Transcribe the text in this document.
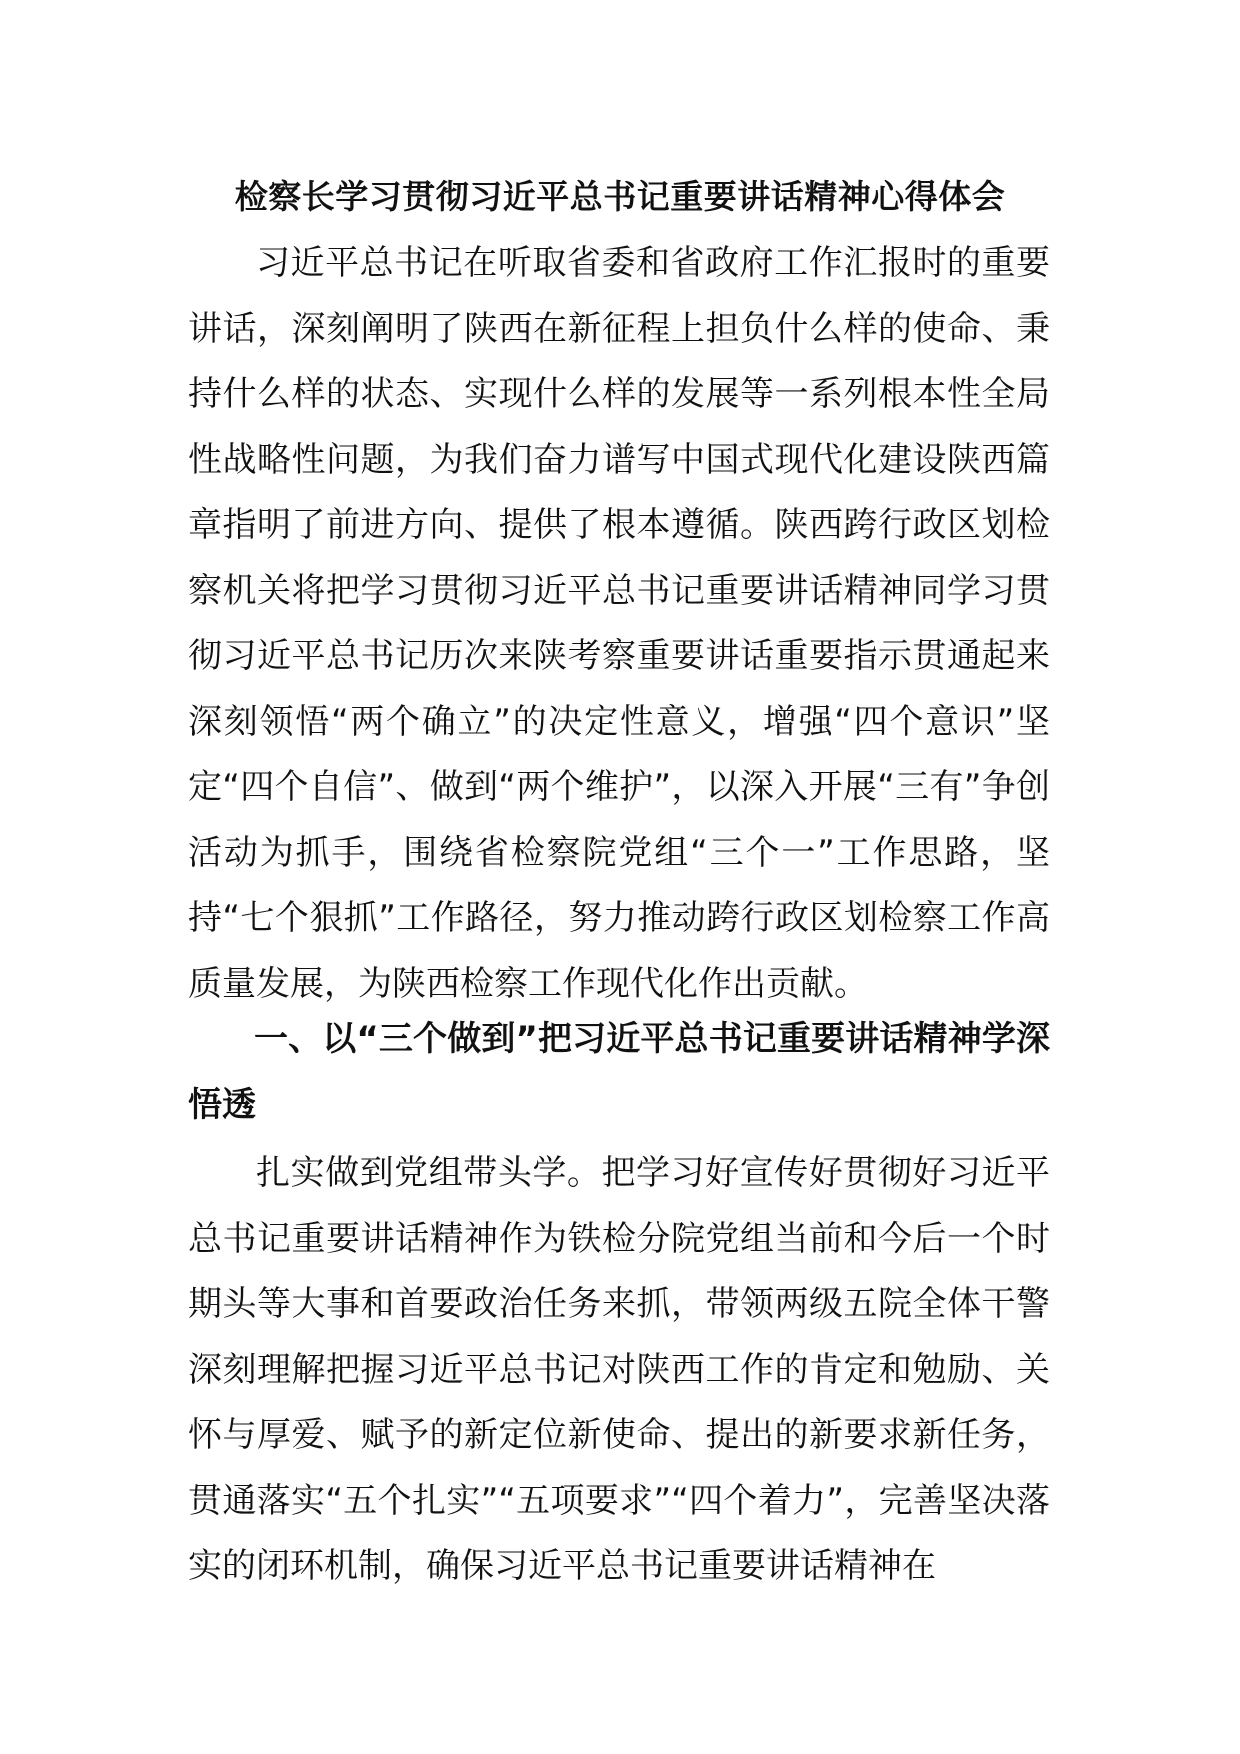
检察长学习贯彻习近平总书记重要讲话精神心得体会

习近平总书记在听取省委和省政府工作汇报时的重要讲话，深刻阐明了陕西在新征程上担负什么样的使命、秉持什么样的状态、实现什么样的发展等一系列根本性全局性战略性问题，为我们奋力谱写中国式现代化建设陕西篇章指明了前进方向、提供了根本遵循。陕西跨行政区划检察机关将把学习贯彻习近平总书记重要讲话精神同学习贯彻习近平总书记历次来陕考察重要讲话重要指示贯通起来深刻领悟“两个确立”的决定性意义，增强“四个意识”坚定“四个自信”、做到“两个维护”，以深入开展“三有”争创活动为抓手，围绕省检察院党组“三个一”工作思路，坚持“七个狠抓”工作路径，努力推动跨行政区划检察工作高质量发展，为陕西检察工作现代化作出贡献。

一、以“三个做到”把习近平总书记重要讲话精神学深悟透

扎实做到党组带头学。把学习好宣传好贯彻好习近平总书记重要讲话精神作为铁检分院党组当前和今后一个时期头等大事和首要政治任务来抓，带领两级五院全体干警深刻理解把握习近平总书记对陕西工作的肯定和勉励、关怀与厚爱、赋予的新定位新使命、提出的新要求新任务，贯通落实“五个扎实”“五项要求”“四个着力”，完善坚决落实的闭环机制，确保习近平总书记重要讲话精神在
